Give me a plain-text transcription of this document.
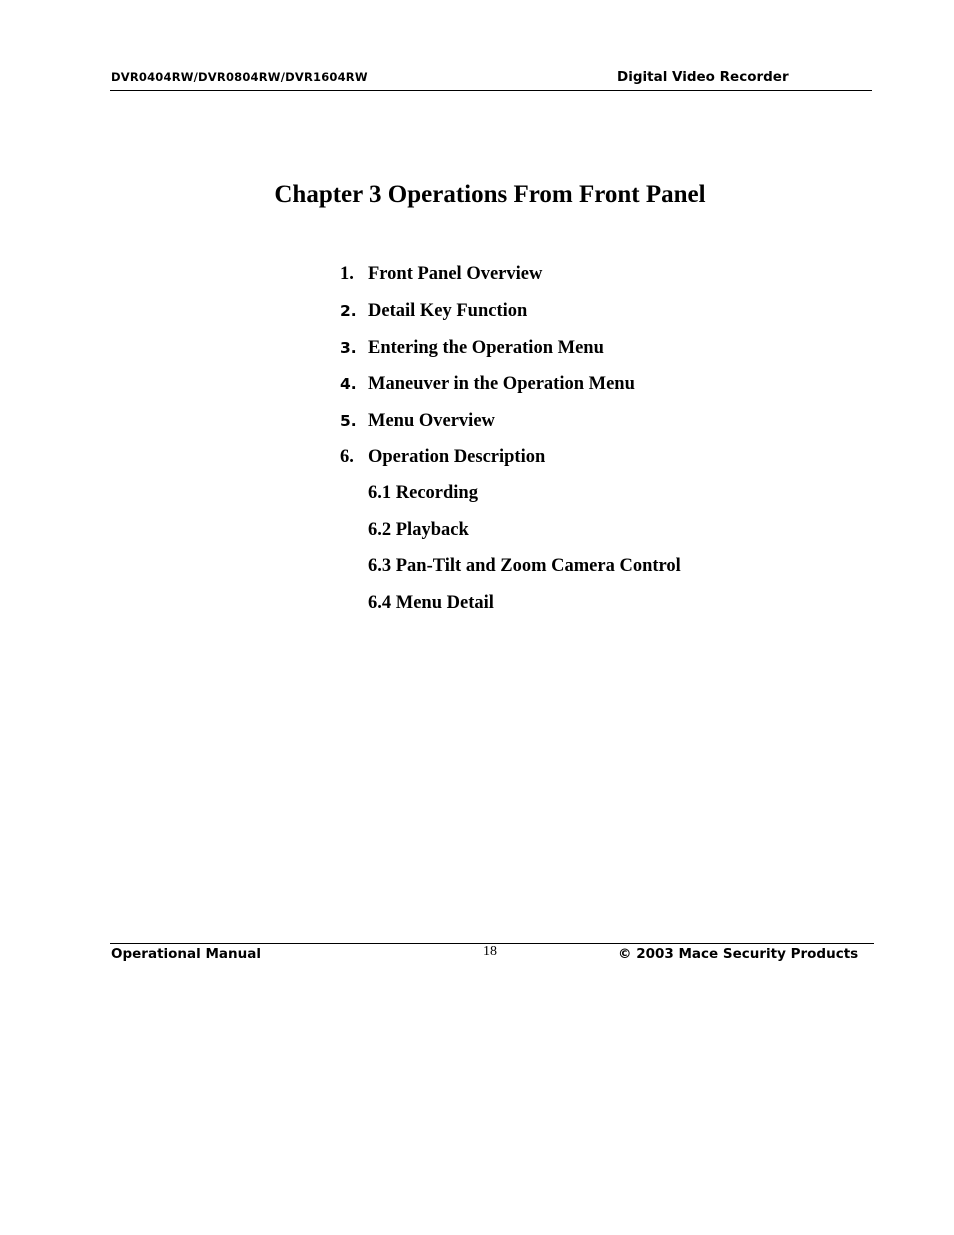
DVR0404RW/DVR0804RW/DVR1604RW	Digital Video Recorder
Chapter 3 Operations From Front Panel
1. Front Panel Overview
2. Detail Key Function
3. Entering the Operation Menu
4. Maneuver in the Operation Menu
5. Menu Overview
6. Operation Description
6.1 Recording
6.2 Playback
6.3 Pan-Tilt and Zoom Camera Control
6.4 Menu Detail
Operational Manual	18	© 2003 Mace Security Products
